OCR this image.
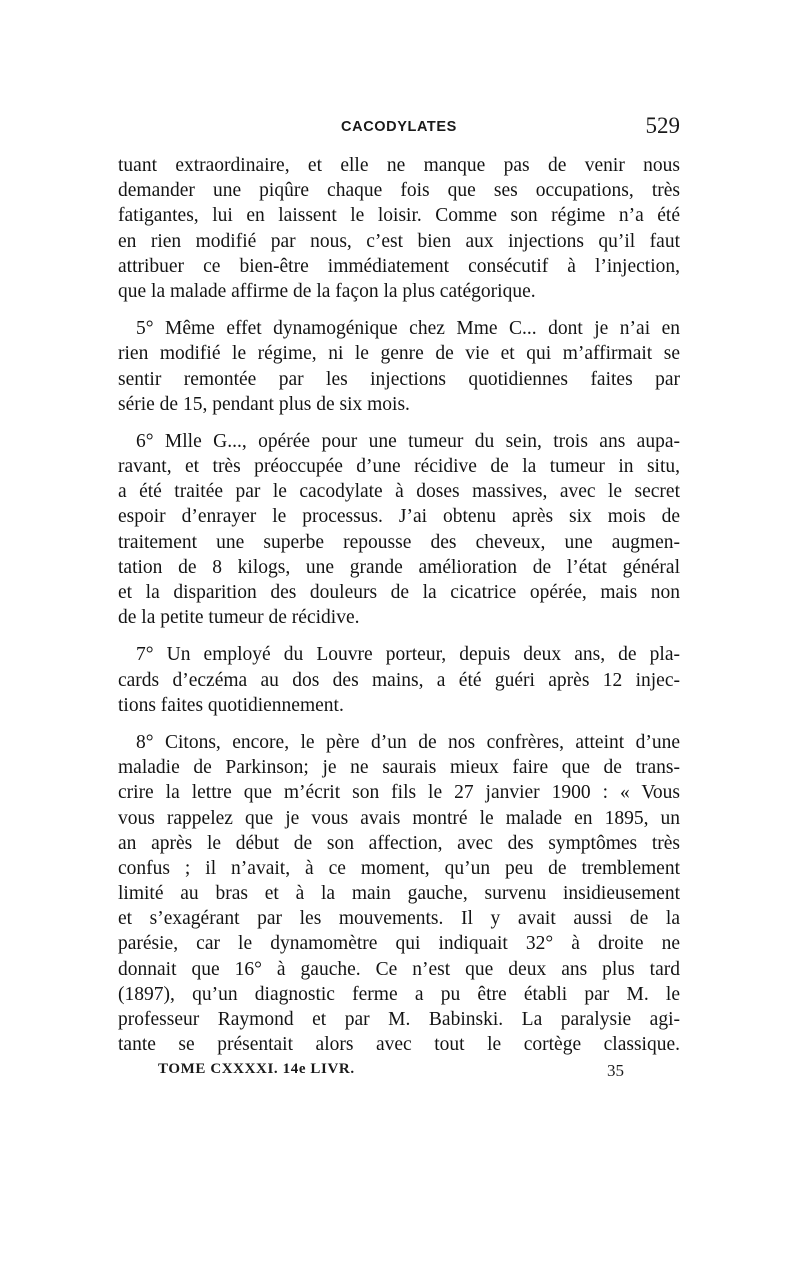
CACODYLATES	529
tuant extraordinaire, et elle ne manque pas de venir nous
demander une piqûre chaque fois que ses occupations, très
fatigantes, lui en laissent le loisir. Comme son régime n’a été
en rien modifié par nous, c’est bien aux injections qu’il faut
attribuer ce bien-être immédiatement consécutif à l’injection,
que la malade affirme de la façon la plus catégorique.
5° Même effet dynamogénique chez Mme C... dont je n’ai en
rien modifié le régime, ni le genre de vie et qui m’affirmait se
sentir remontée par les injections quotidiennes faites par
série de 15, pendant plus de six mois.
6° Mlle G..., opérée pour une tumeur du sein, trois ans aupa-
ravant, et très préoccupée d’une récidive de la tumeur in situ,
a été traitée par le cacodylate à doses massives, avec le secret
espoir d’enrayer le processus. J’ai obtenu après six mois de
traitement une superbe repousse des cheveux, une augmen-
tation de 8 kilogs, une grande amélioration de l’état général
et la disparition des douleurs de la cicatrice opérée, mais non
de la petite tumeur de récidive.
7° Un employé du Louvre porteur, depuis deux ans, de pla-
cards d’eczéma au dos des mains, a été guéri après 12 injec-
tions faites quotidiennement.
8° Citons, encore, le père d’un de nos confrères, atteint d’une
maladie de Parkinson; je ne saurais mieux faire que de trans-
crire la lettre que m’écrit son fils le 27 janvier 1900 : « Vous
vous rappelez que je vous avais montré le malade en 1895, un
an après le début de son affection, avec des symptômes très
confus ; il n’avait, à ce moment, qu’un peu de tremblement
limité au bras et à la main gauche, survenu insidieusement
et s’exagérant par les mouvements. Il y avait aussi de la
parésie, car le dynamomètre qui indiquait 32° à droite ne
donnait que 16° à gauche. Ce n’est que deux ans plus tard
(1897), qu’un diagnostic ferme a pu être établi par M. le
professeur Raymond et par M. Babinski. La paralysie agi-
tante se présentait alors avec tout le cortège classique.
TOME CXXXXI. 14e LIVR.	35
